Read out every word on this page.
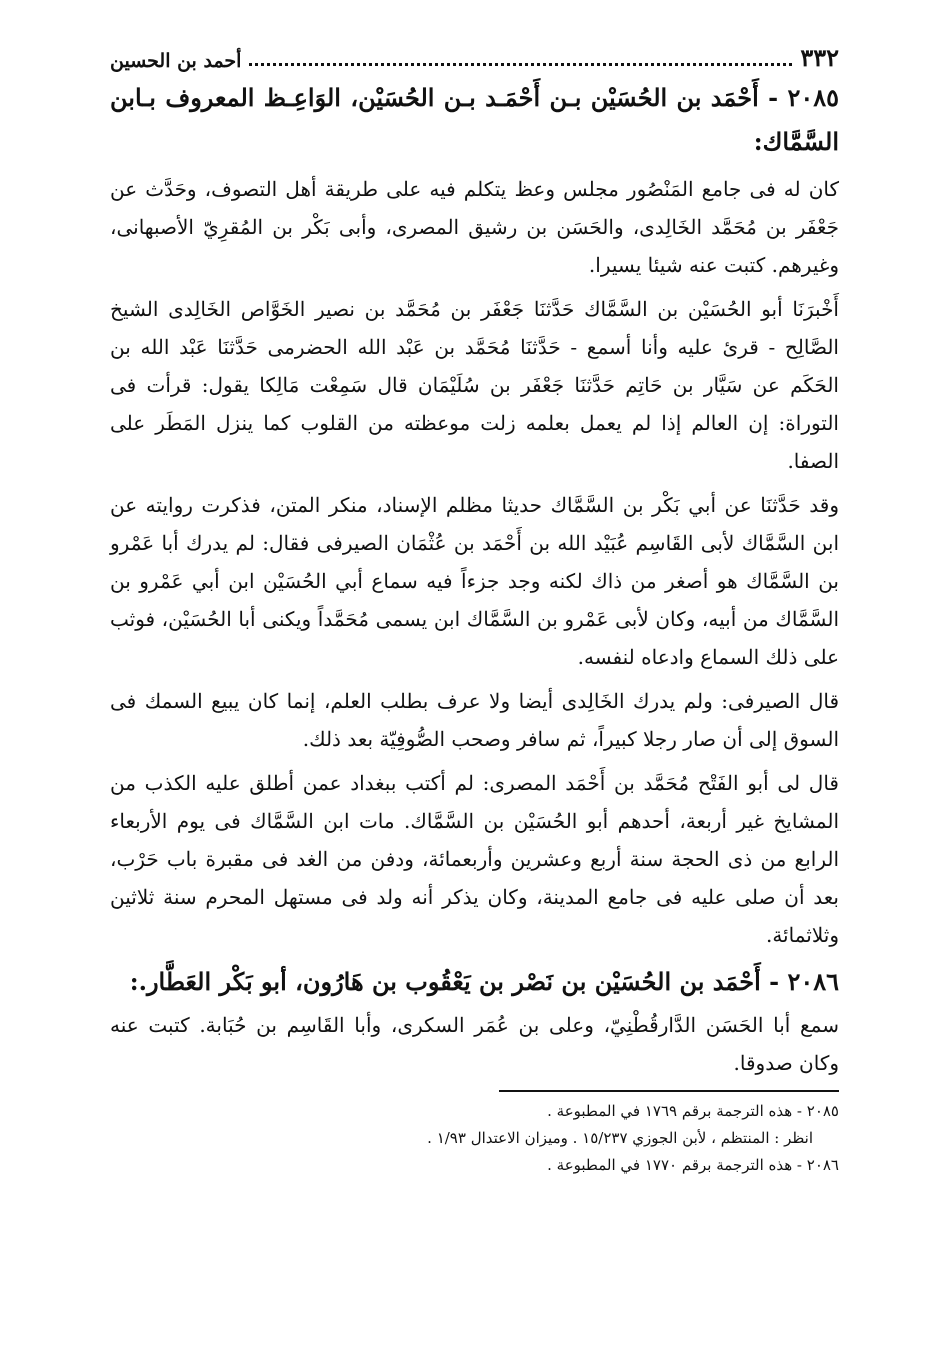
٣٣٢
أحمد بن الحسين
٢٠٨٥ - أَحْمَد بن الحُسَيْن بـن أَحْمَـد بـن الحُسَيْن، الوَاعِـظ المعروف بـابن السَّمَّاك:

كان له فى جامع المَنْصُور مجلس وعظ يتكلم فيه على طريقة أهل التصوف، وحَدَّث عن جَعْفَر بن مُحَمَّد الخَالِدى، والحَسَن بن رشيق المصرى، وأبى بَكْر بن المُقرِيّ الأصبهانى، وغيرهم. كتبت عنه شيئا يسيرا.

أَخْبرَنَا أبو الحُسَيْن بن السَّمَّاك حَدَّثنَا جَعْفَر بن مُحَمَّد بن نصير الخَوَّاص الخَالِدى الشيخ الصَّالِح - قرئ عليه وأنا أسمع - حَدَّثنَا مُحَمَّد بن عَبْد الله الحضرمى حَدَّثنَا عَبْد الله بن الحَكَم عن سَيَّار بن حَاتِم حَدَّثنَا جَعْفَر بن سُلَيْمَان قال سَمِعْت مَالِكا يقول: قرأت فى التوراة: إن العالم إذا لم يعمل بعلمه زلت موعظته من القلوب كما ينزل المَطَر على الصفا.

وقد حَدَّثنَا عن أبي بَكْر بن السَّمَّاك حديثا مظلم الإسناد، منكر المتن، فذكرت روايته عن ابن السَّمَّاك لأبى القَاسِم عُبَيْد الله بن أَحْمَد بن عُثْمَان الصيرفى فقال: لم يدرك أبا عَمْرو بن السَّمَّاك هو أصغر من ذاك لكنه وجد جزءاً فيه سماع أبي الحُسَيْن ابن أبي عَمْرو بن السَّمَّاك من أبيه، وكان لأبى عَمْرو بن السَّمَّاك ابن يسمى مُحَمَّداً ويكنى أبا الحُسَيْن، فوثب على ذلك السماع وادعاه لنفسه.

قال الصيرفى: ولم يدرك الخَالِدى أيضا ولا عرف بطلب العلم، إنما كان يبيع السمك فى السوق إلى أن صار رجلا كبيراً، ثم سافر وصحب الصُّوفِيّة بعد ذلك.

قال لى أبو الفَتْح مُحَمَّد بن أَحْمَد المصرى: لم أكتب ببغداد عمن أطلق عليه الكذب من المشايخ غير أربعة، أحدهم أبو الحُسَيْن بن السَّمَّاك. مات ابن السَّمَّاك فى يوم الأربعاء الرابع من ذى الحجة سنة أربع وعشرين وأربعمائة، ودفن من الغد فى مقبرة باب حَرْب، بعد أن صلى عليه فى جامع المدينة، وكان يذكر أنه ولد فى مستهل المحرم سنة ثلاثين وثلاثمائة.

٢٠٨٦ - أَحْمَد بن الحُسَيْن بن نَصْر بن يَعْقُوب بن هَارُون، أبو بَكْر العَطَّار.:

سمع أبا الحَسَن الدَّارقُطْنِيّ، وعلى بن عُمَر السكرى، وأبا القَاسِم بن حُبَابة. كتبت عنه وكان صدوقا.

٢٠٨٥ - هذه الترجمة برقم ١٧٦٩ في المطبوعة .
انظر : المنتظم ، لأبن الجوزي ١٥/٢٣٧ . وميزان الاعتدال ١/٩٣ .
٢٠٨٦ - هذه الترجمة برقم ١٧٧٠ في المطبوعة .
